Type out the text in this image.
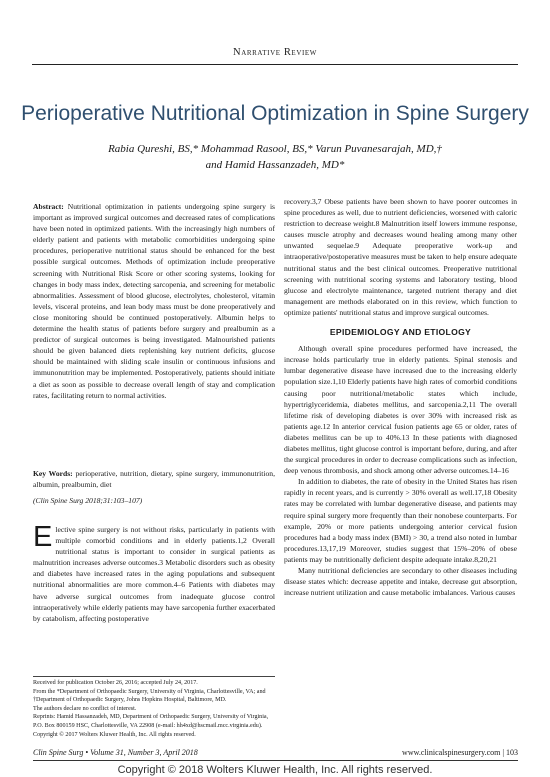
Narrative Review
Perioperative Nutritional Optimization in Spine Surgery
Rabia Qureshi, BS,* Mohammad Rasool, BS,* Varun Puvanesarajah, MD,†
and Hamid Hassanzadeh, MD*
Abstract: Nutritional optimization in patients undergoing spine surgery is important as improved surgical outcomes and decreased rates of complications have been noted in optimized patients. With the increasingly high numbers of elderly patient and patients with metabolic comorbidities undergoing spine procedures, perioperative nutritional status should be enhanced for the best possible surgical outcomes. Methods of optimization include preoperative screening with Nutritional Risk Score or other scoring systems, looking for changes in body mass index, detecting sarcopenia, and screening for metabolic abnormalities. Assessment of blood glucose, electrolytes, cholesterol, vitamin levels, visceral proteins, and lean body mass must be done preoperatively and close monitoring should be continued postoperatively. Albumin helps to determine the health status of patients before surgery and prealbumin as a predictor of surgical outcomes is being investigated. Malnourished patients should be given balanced diets replenishing key nutrient deficits, glucose should be maintained with sliding scale insulin or continuous infusions and immunonutrition may be implemented. Postoperatively, patients should initiate a diet as soon as possible to decrease overall length of stay and complication rates, facilitating return to normal activities.
Key Words: perioperative, nutrition, dietary, spine surgery, immunonutrition, albumin, prealbumin, diet
(Clin Spine Surg 2018;31:103–107)
Elective spine surgery is not without risks, particularly in patients with multiple comorbid conditions and in elderly patients.1,2 Overall nutritional status is important to consider in surgical patients as malnutrition increases adverse outcomes.3 Metabolic disorders such as obesity and diabetes have increased rates in the aging populations and subsequent nutritional abnormalities are more common.4–6 Patients with diabetes may have adverse surgical outcomes from inadequate glucose control intraoperatively while elderly patients may have sarcopenia further exacerbated by catabolism, affecting postoperative
Received for publication October 26, 2016; accepted July 24, 2017.
From the *Department of Orthopaedic Surgery, University of Virginia, Charlottesville, VA; and †Department of Orthopaedic Surgery, Johns Hopkins Hospital, Baltimore, MD.
The authors declare no conflict of interest.
Reprints: Hamid Hassanzadeh, MD, Department of Orthopaedic Surgery, University of Virginia, P.O. Box 800159 HSC, Charlottesville, VA 22908 (e-mail: hh4xd@hscmail.mcc.virginia.edu).
Copyright © 2017 Wolters Kluwer Health, Inc. All rights reserved.

recovery.3,7 Obese patients have been shown to have poorer outcomes in spine procedures as well, due to nutrient deficiencies, worsened with caloric restriction to decrease weight.8 Malnutrition itself lowers immune response, causes muscle atrophy and decreases wound healing among many other unwanted sequelae.9 Adequate preoperative work-up and intraoperative/postoperative measures must be taken to help ensure adequate nutritional status and the best clinical outcomes. Preoperative nutritional screening with nutritional scoring systems and laboratory testing, blood glucose and electrolyte maintenance, targeted nutrient therapy and diet management are methods elaborated on in this review, which function to optimize patients' nutritional status and improve surgical outcomes.

EPIDEMIOLOGY AND ETIOLOGY

Although overall spine procedures performed have increased, the increase holds particularly true in elderly patients. Spinal stenosis and lumbar degenerative disease have increased due to the increasing elderly population size.1,10 Elderly patients have high rates of comorbid conditions causing poor nutritional/metabolic states which include, hypertriglyceridemia, diabetes mellitus, and sarcopenia.2,11 The overall lifetime risk of developing diabetes is over 30% with increased risk as patients age.12 In anterior cervical fusion patients age 65 or older, rates of diabetes mellitus can be up to 40%.13 In these patients with diagnosed diabetes mellitus, tight glucose control is important before, during, and after the surgical procedures in order to decrease complications such as infection, deep venous thrombosis, and shock among other adverse outcomes.14–16

In addition to diabetes, the rate of obesity in the United States has risen rapidly in recent years, and is currently > 30% overall as well.17,18 Obesity rates may be correlated with lumbar degenerative disease, and patients may require spinal surgery more frequently than their nonobese counterparts. For example, 20% or more patients undergoing anterior cervical fusion procedures had a body mass index (BMI) > 30, a trend also noted in lumbar procedures.13,17,19 Moreover, studies suggest that 15%–20% of obese patients may be nutritionally deficient despite adequate intake.8,20,21

Many nutritional deficiencies are secondary to other diseases including disease states which: decrease appetite and intake, decrease gut absorption, increase nutrient utilization and cause metabolic imbalances. Various causes

Clin Spine Surg • Volume 31, Number 3, April 2018	www.clinicalspinesurgery.com | 103
Copyright © 2018 Wolters Kluwer Health, Inc. All rights reserved.
